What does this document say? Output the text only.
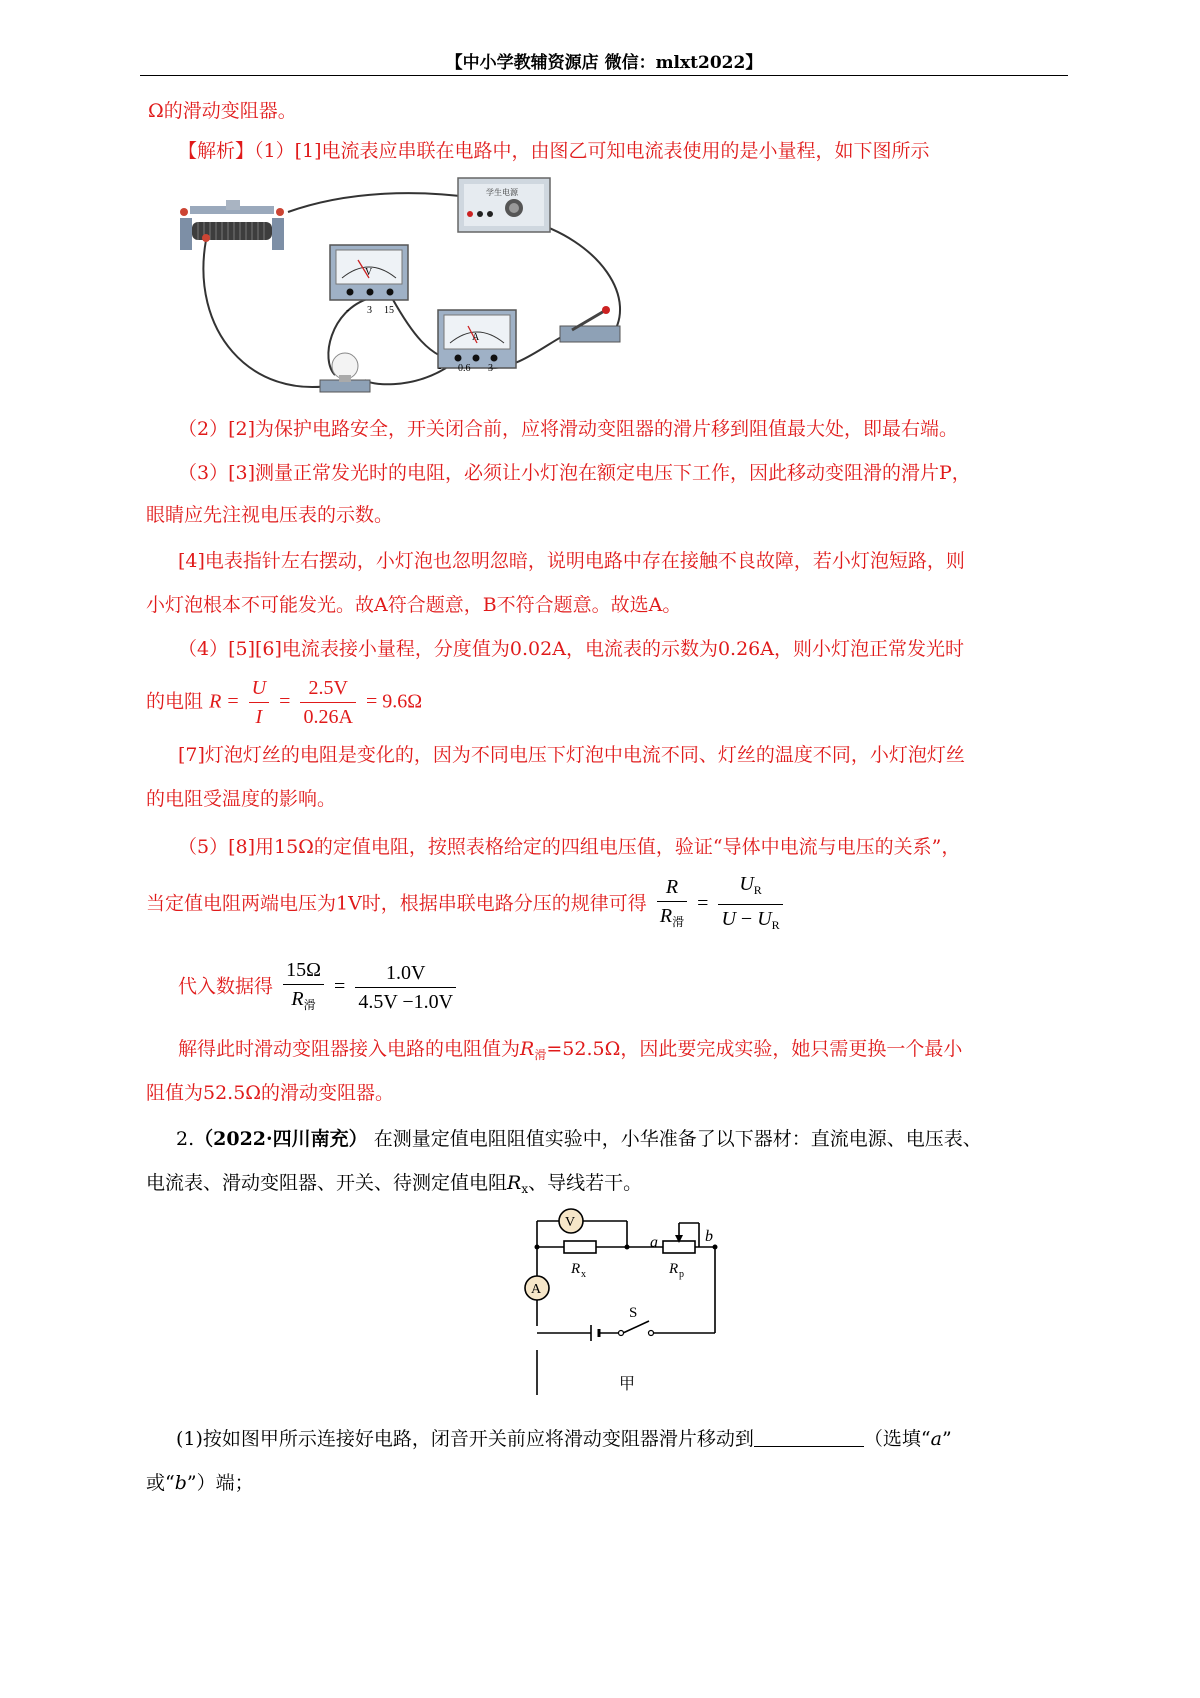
【中小学教辅资源店 微信：mlxt2022】
Ω的滑动变阻器。
【解析】（1）[1]电流表应串联在电路中，由图乙可知电流表使用的是小量程，如下图所示
学生电源
V
- 3 15
A
- 0.6 3
（2）[2]为保护电路安全，开关闭合前，应将滑动变阻器的滑片移到阻值最大处，即最右端。
（3）[3]测量正常发光时的电阻，必须让小灯泡在额定电压下工作，因此移动变阻滑的滑片P，
眼睛应先注视电压表的示数。
[4]电表指针左右摆动，小灯泡也忽明忽暗，说明电路中存在接触不良故障，若小灯泡短路，则
小灯泡根本不可能发光。故A符合题意，B不符合题意。故选A。
（4）[5][6]电流表接小量程，分度值为0.02A，电流表的示数为0.26A，则小灯泡正常发光时
的电阻 $R = \frac{U}{I} = \frac{2.5V}{0.26A} = 9.6\Omega$
[7]灯泡灯丝的电阻是变化的，因为不同电压下灯泡中电流不同、灯丝的温度不同，小灯泡灯丝
的电阻受温度的影响。
（5）[8]用15Ω的定值电阻，按照表格给定的四组电压值，验证“导体中电流与电压的关系”，
当定值电阻两端电压为1V时，根据串联电路分压的规律可得 $\frac{R}{R_滑} = \frac{U_R}{U - U_R}$
代入数据得 $\frac{15\Omega}{R_滑} = \frac{1.0V}{4.5V -1.0V}$
解得此时滑动变阻器接入电路的电阻值为$R_滑=52.5\Omega$，因此要完成实验，她只需更换一个最小
阻值为52.5Ω的滑动变阻器。
2.（2022·四川南充） 在测量定值电阻阻值实验中，小华准备了以下器材：直流电源、电压表、
电流表、滑动变阻器、开关、待测定值电阻$R_x$、导线若干。
V
A
a	b
R x	R p
S
甲
(1)按如图甲所示连接好电路，闭音开关前应将滑动变阻器滑片移动到	（选填“a”
或“b”）端；
